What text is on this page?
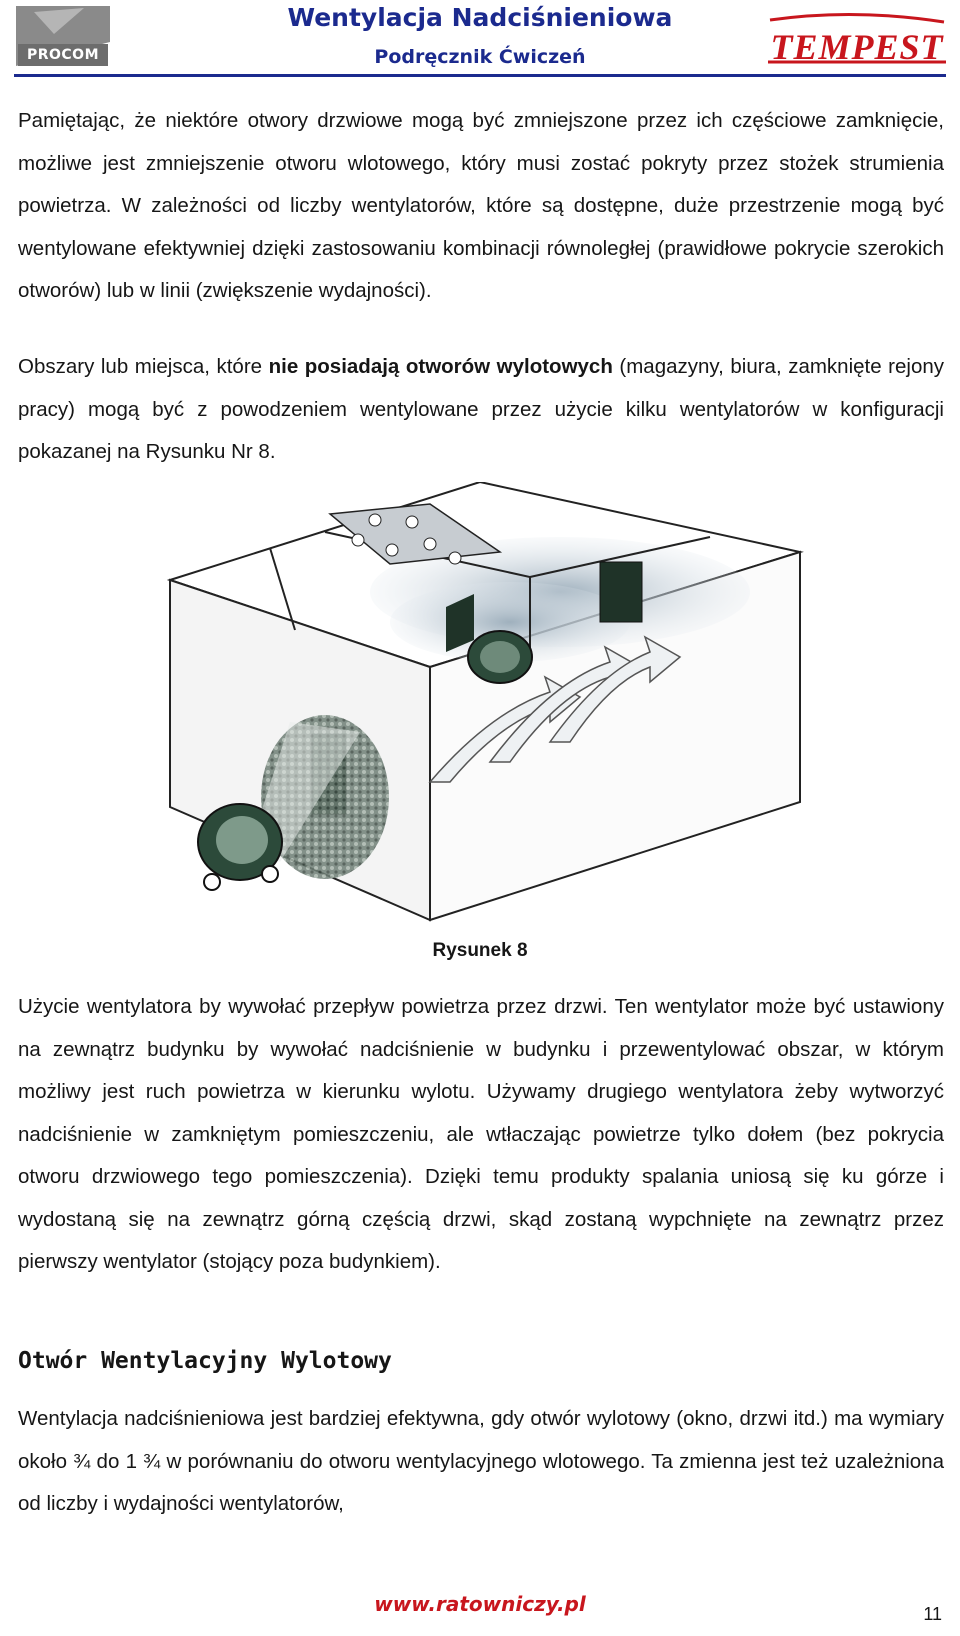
PROCOM
Wentylacja Nadciśnieniowa
Podręcznik Ćwiczeń	TEMPEST

Pamiętając, że niektóre otwory drzwiowe mogą być zmniejszone przez ich częściowe zamknięcie, możliwe jest zmniejszenie otworu wlotowego, który musi zostać pokryty przez stożek strumienia powietrza. W zależności od liczby wentylatorów, które są dostępne, duże przestrzenie mogą być wentylowane efektywniej dzięki zastosowaniu kombinacji równoległej (prawidłowe pokrycie szerokich otworów) lub w linii (zwiększenie wydajności).

Obszary lub miejsca, które nie posiadają otworów wylotowych (magazyny, biura, zamknięte rejony pracy) mogą być z powodzeniem wentylowane przez użycie kilku wentylatorów w konfiguracji pokazanej na Rysunku Nr 8.

Rysunek 8

Użycie wentylatora by wywołać przepływ powietrza przez drzwi. Ten wentylator może być ustawiony na zewnątrz budynku by wywołać nadciśnienie w budynku i przewentylować obszar, w którym możliwy jest ruch powietrza w kierunku wylotu. Używamy drugiego wentylatora żeby wytworzyć nadciśnienie w zamkniętym pomieszczeniu, ale wtłaczając powietrze tylko dołem (bez pokrycia otworu drzwiowego tego pomieszczenia). Dzięki temu produkty spalania uniosą się ku górze i wydostaną się na zewnątrz górną częścią drzwi, skąd zostaną wypchnięte na zewnątrz przez pierwszy wentylator (stojący poza budynkiem).

Otwór Wentylacyjny Wylotowy

Wentylacja nadciśnieniowa jest bardziej efektywna, gdy otwór wylotowy (okno, drzwi itd.) ma wymiary około ¾ do 1 ¾ w porównaniu do otworu wentylacyjnego wlotowego. Ta zmienna jest też uzależniona od liczby i wydajności wentylatorów,

www.ratowniczy.pl	11
